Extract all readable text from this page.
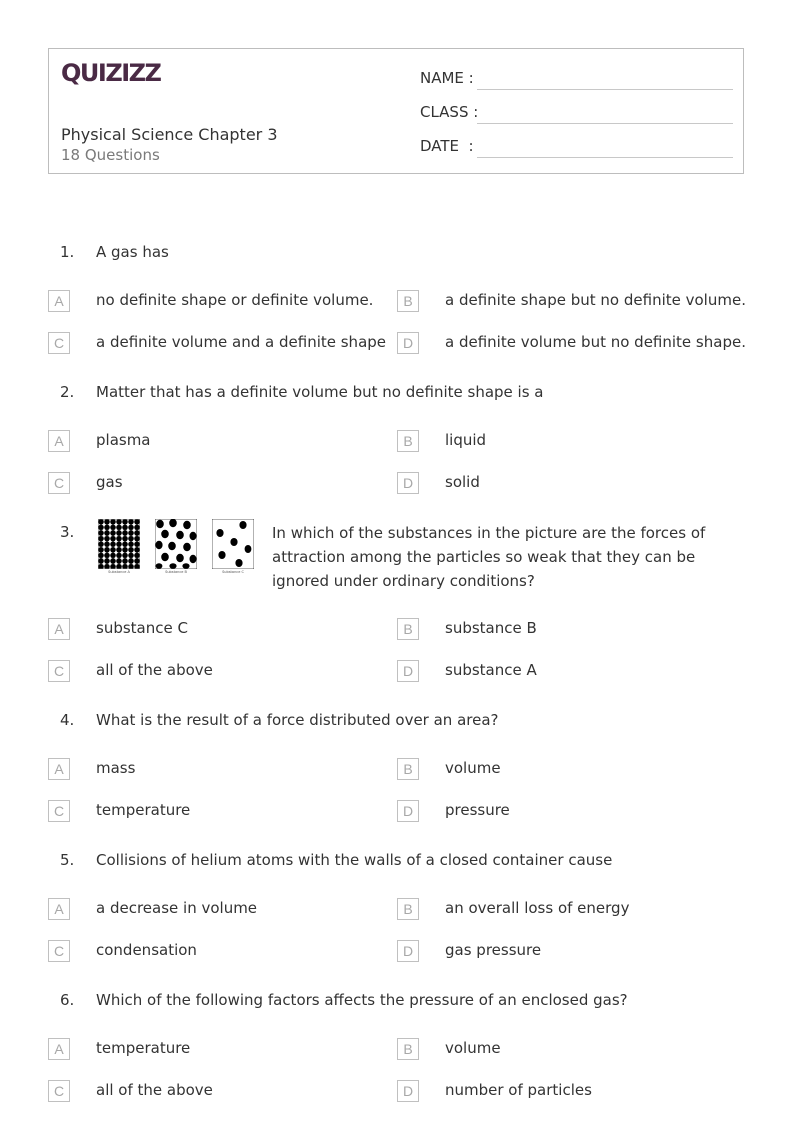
QUIZIZZ
Physical Science Chapter 3
18 Questions
NAME :
CLASS :
DATE  :
1. A gas has
A	no definite shape or definite volume.	B	a definite shape but no definite volume.
C	a definite volume and a definite shape	D	a definite volume but no definite shape.
2. Matter that has a definite volume but no definite shape is a
A	plasma	B	liquid
C	gas	D	solid
3.
Substance A	Substance B	Substance C
In which of the substances in the picture are the forces of attraction among the particles so weak that they can be ignored under ordinary conditions?
A	substance C	B	substance B
C	all of the above	D	substance A
4. What is the result of a force distributed over an area?
A	mass	B	volume
C	temperature	D	pressure
5. Collisions of helium atoms with the walls of a closed container cause
A	a decrease in volume	B	an overall loss of energy
C	condensation	D	gas pressure
6. Which of the following factors affects the pressure of an enclosed gas?
A	temperature	B	volume
C	all of the above	D	number of particles
